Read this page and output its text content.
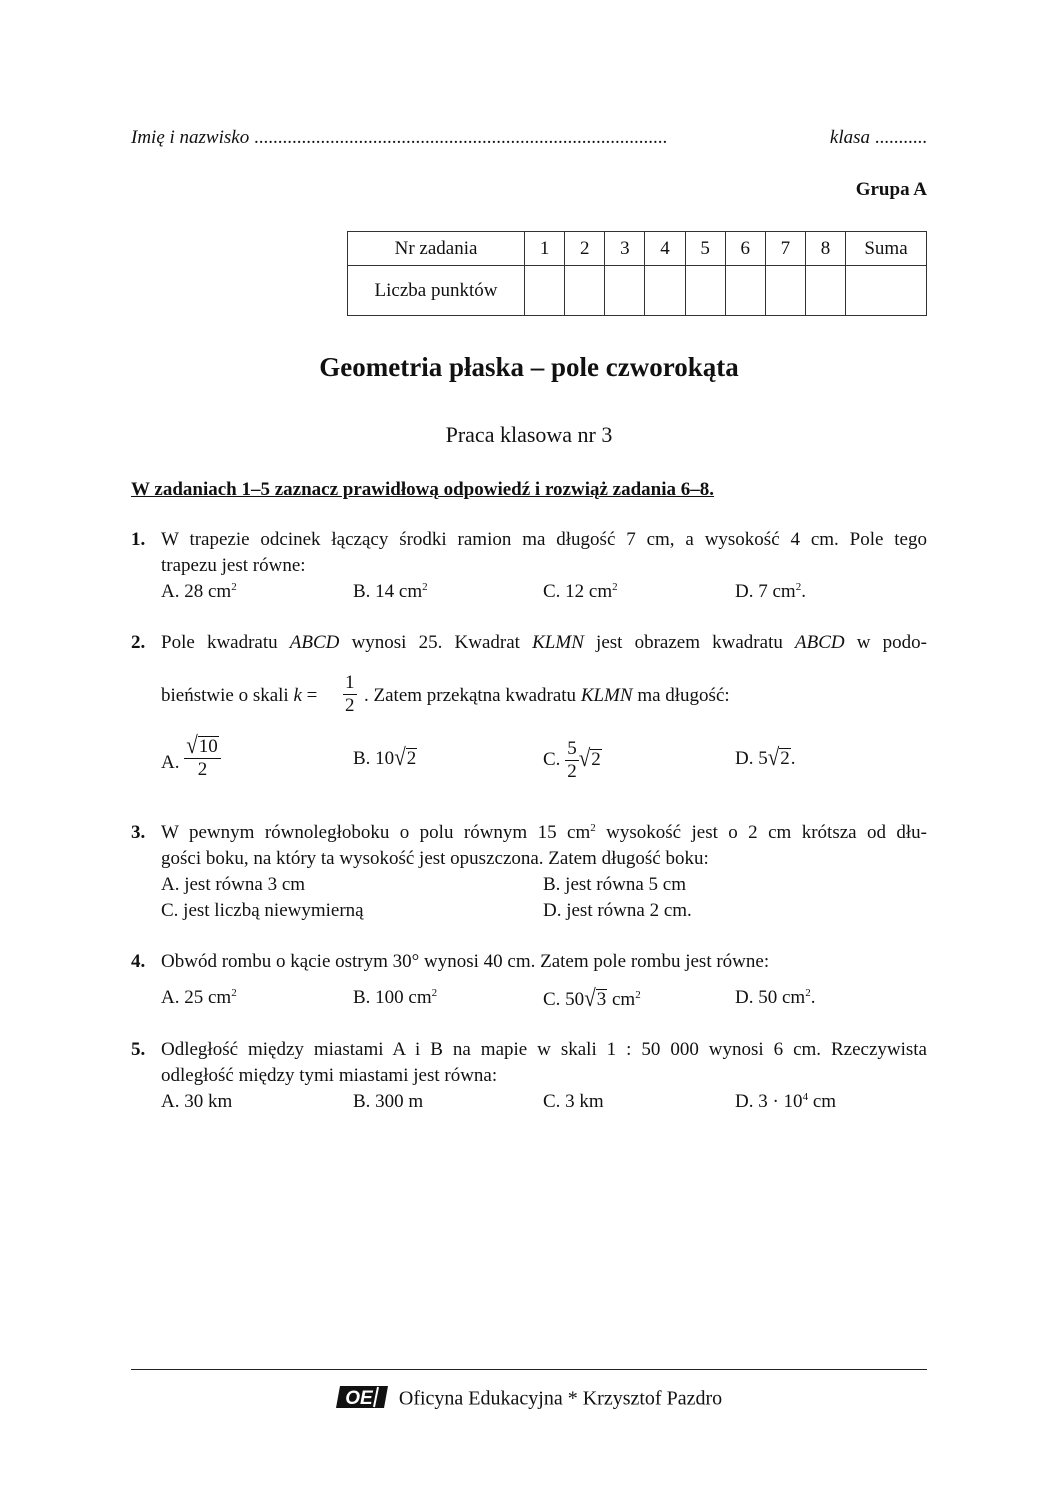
Imię i nazwisko .......................................................................................	klasa ...........
Grupa A
Nr zadania	1	2	3	4	5	6	7	8	Suma
Liczba punktów									
Geometria płaska – pole czworokąta
Praca klasowa nr 3
W zadaniach 1–5 zaznacz prawidłową odpowiedź i rozwiąż zadania 6–8.
1. W trapezie odcinek łączący środki ramion ma długość 7 cm, a wysokość 4 cm. Pole tego
trapezu jest równe:
A. 28 $cm^2$	B. 14 $cm^2$	C. 12 $cm^2$	D. 7 $cm^2$.
2. Pole kwadratu ABCD wynosi 25. Kwadrat KLMN jest obrazem kwadratu ABCD w podo-
bieństwie o skali $k = \frac{1}{2}$ . Zatem przekątna kwadratu KLMN ma długość:
A. $\frac{√10}{2}$	B. 10√2	C. $\frac{5}{2} √2$	D. 5√2.
3. W pewnym równoległoboku o polu równym 15 $cm^2$ wysokość jest o 2 cm krótsza od dłu-
gości boku, na który ta wysokość jest opuszczona. Zatem długość boku:
A. jest równa 3 cm	B. jest równa 5 cm
C. jest liczbą niewymierną	D. jest równa 2 cm.
4. Obwód rombu o kącie ostrym 30° wynosi 40 cm. Zatem pole rombu jest równe:
A. 25 $cm^2$	B. 100 $cm^2$	C. 50√3 $cm^2$	D. 50 $cm^2$.
5. Odległość między miastami A i B na mapie w skali 1 : 50 000 wynosi 6 cm. Rzeczywista
odległość między tymi miastami jest równa:
A. 30 km	B. 300 m	C. 3 km	D. $3 \cdot 10^4$ cm
OE Oficyna Edukacyjna * Krzysztof Pazdro
